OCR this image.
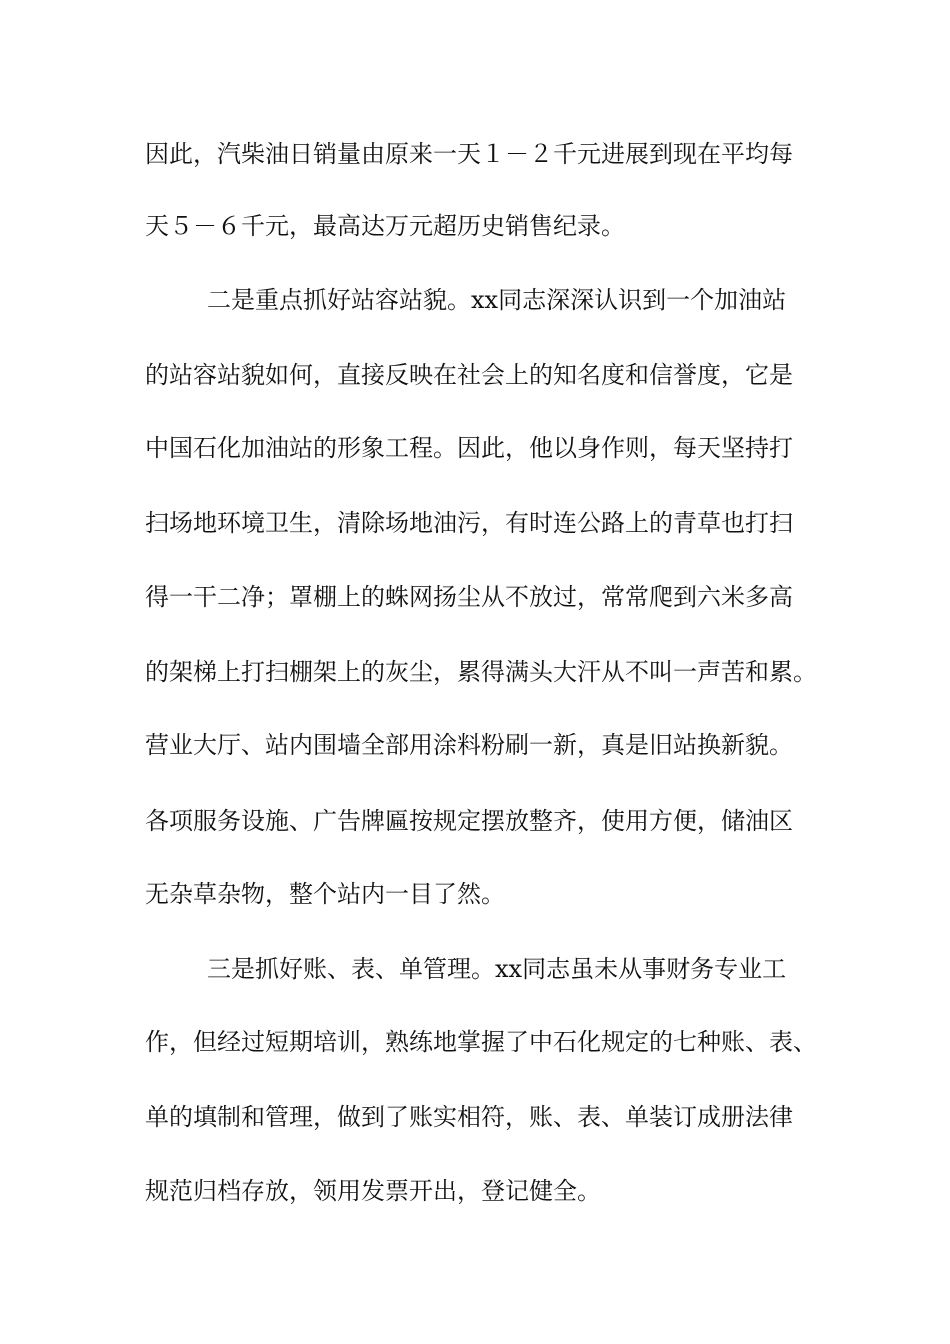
因此，汽柴油日销量由原来一天１－２千元进展到现在平均每
天５－６千元，最高达万元超历史销售纪录。
二是重点抓好站容站貌。xx同志深深认识到一个加油站
的站容站貌如何，直接反映在社会上的知名度和信誉度，它是
中国石化加油站的形象工程。因此，他以身作则，每天坚持打
扫场地环境卫生，清除场地油污，有时连公路上的青草也打扫
得一干二净；罩棚上的蛛网扬尘从不放过，常常爬到六米多高
的架梯上打扫棚架上的灰尘，累得满头大汗从不叫一声苦和累。
营业大厅、站内围墙全部用涂料粉刷一新，真是旧站换新貌。
各项服务设施、广告牌匾按规定摆放整齐，使用方便，储油区
无杂草杂物，整个站内一目了然。
三是抓好账、表、单管理。xx同志虽未从事财务专业工
作，但经过短期培训，熟练地掌握了中石化规定的七种账、表、
单的填制和管理，做到了账实相符，账、表、单装订成册法律
规范归档存放，领用发票开出，登记健全。
